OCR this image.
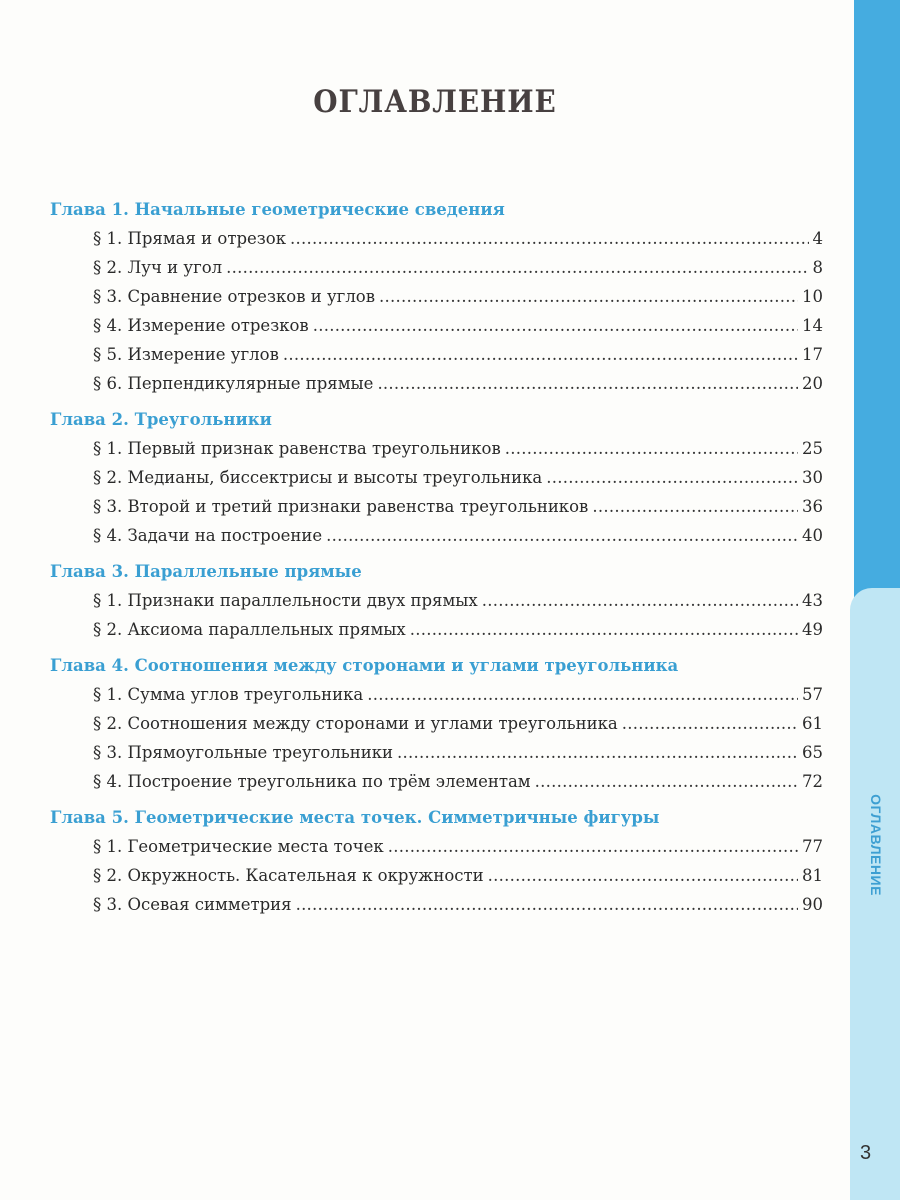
ОГЛАВЛЕНИЕ
3
ОГЛАВЛЕНИЕ
Глава 1. Начальные геометрические сведения
§ 1. Прямая и отрезок . . .	4
§ 2. Луч и угол . . .	8
§ 3. Сравнение отрезков и углов . . .	10
§ 4. Измерение отрезков . . .	14
§ 5. Измерение углов . . .	17
§ 6. Перпендикулярные прямые . . .	20
Глава 2. Треугольники
§ 1. Первый признак равенства треугольников . . .	25
§ 2. Медианы, биссектрисы и высоты треугольника . . .	30
§ 3. Второй и третий признаки равенства треугольников . . .	36
§ 4. Задачи на построение . . .	40
Глава 3. Параллельные прямые
§ 1. Признаки параллельности двух прямых . . .	43
§ 2. Аксиома параллельных прямых . . .	49
Глава 4. Соотношения между сторонами и углами треугольника
§ 1. Сумма углов треугольника . . .	57
§ 2. Соотношения между сторонами и углами треугольника . . .	61
§ 3. Прямоугольные треугольники . . .	65
§ 4. Построение треугольника по трём элементам . . .	72
Глава 5. Геометрические места точек. Симметричные фигуры
§ 1. Геометрические места точек . . .	77
§ 2. Окружность. Касательная к окружности . . .	81
§ 3. Осевая симметрия . . .	90
